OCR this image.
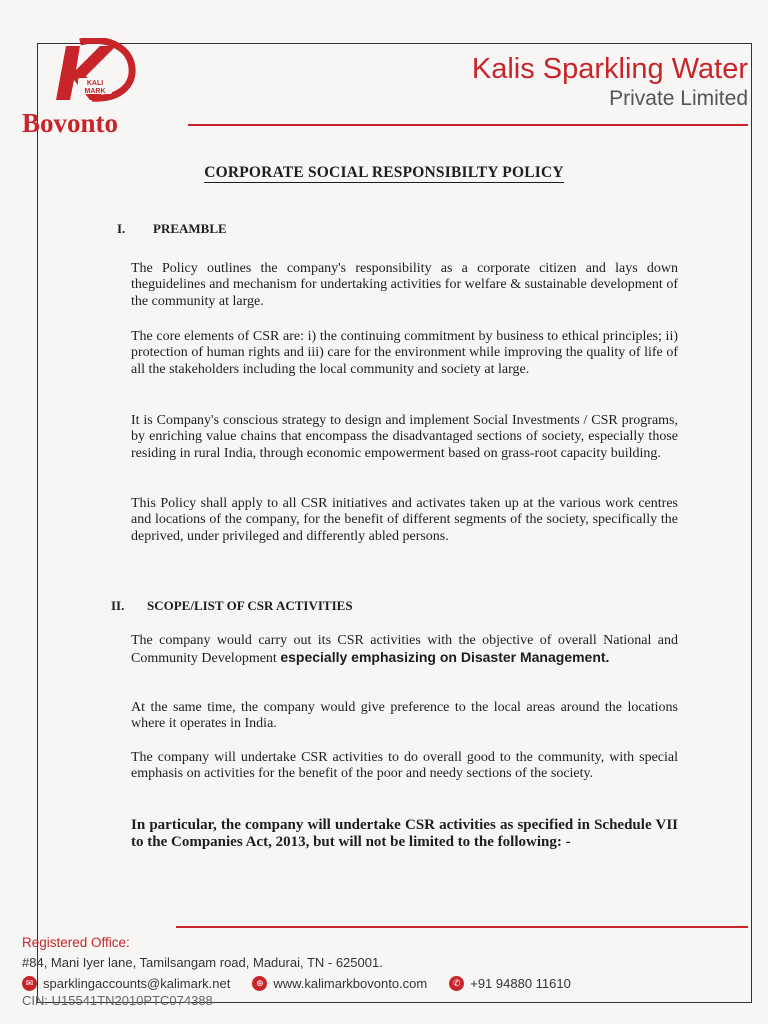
KALI
MARK
Bovonto
Kalis Sparkling Water
Private Limited
CORPORATE SOCIAL RESPONSIBILTY POLICY
I. PREAMBLE
The Policy outlines the company's responsibility as a corporate citizen and lays down theguidelines and mechanism for undertaking activities for welfare & sustainable development of the community at large.
The core elements of CSR are: i) the continuing commitment by business to ethical principles; ii) protection of human rights and iii) care for the environment while improving the quality of life of all the stakeholders including the local community and society at large.
It is Company's conscious strategy to design and implement Social Investments / CSR programs, by enriching value chains that encompass the disadvantaged sections of society, especially those residing in rural India, through economic empowerment based on grass-root capacity building.
This Policy shall apply to all CSR initiatives and activates taken up at the various work centres and locations of the company, for the benefit of different segments of the society, specifically the deprived, under privileged and differently abled persons.
II. SCOPE/LIST OF CSR ACTIVITIES
The company would carry out its CSR activities with the objective of overall National and Community Development especially emphasizing on Disaster Management.
At the same time, the company would give preference to the local areas around the locations where it operates in India.
The company will undertake CSR activities to do overall good to the community, with special emphasis on activities for the benefit of the poor and needy sections of the society.
In particular, the company will undertake CSR activities as specified in Schedule VII to the Companies Act, 2013, but will not be limited to the following: -
Registered Office:
#84, Mani Iyer lane, Tamilsangam road, Madurai, TN - 625001.
✉ sparklingaccounts@kalimark.net	⊕ www.kalimarkbovonto.com	✆ +91 94880 11610
CIN: U15541TN2010PTC074388
